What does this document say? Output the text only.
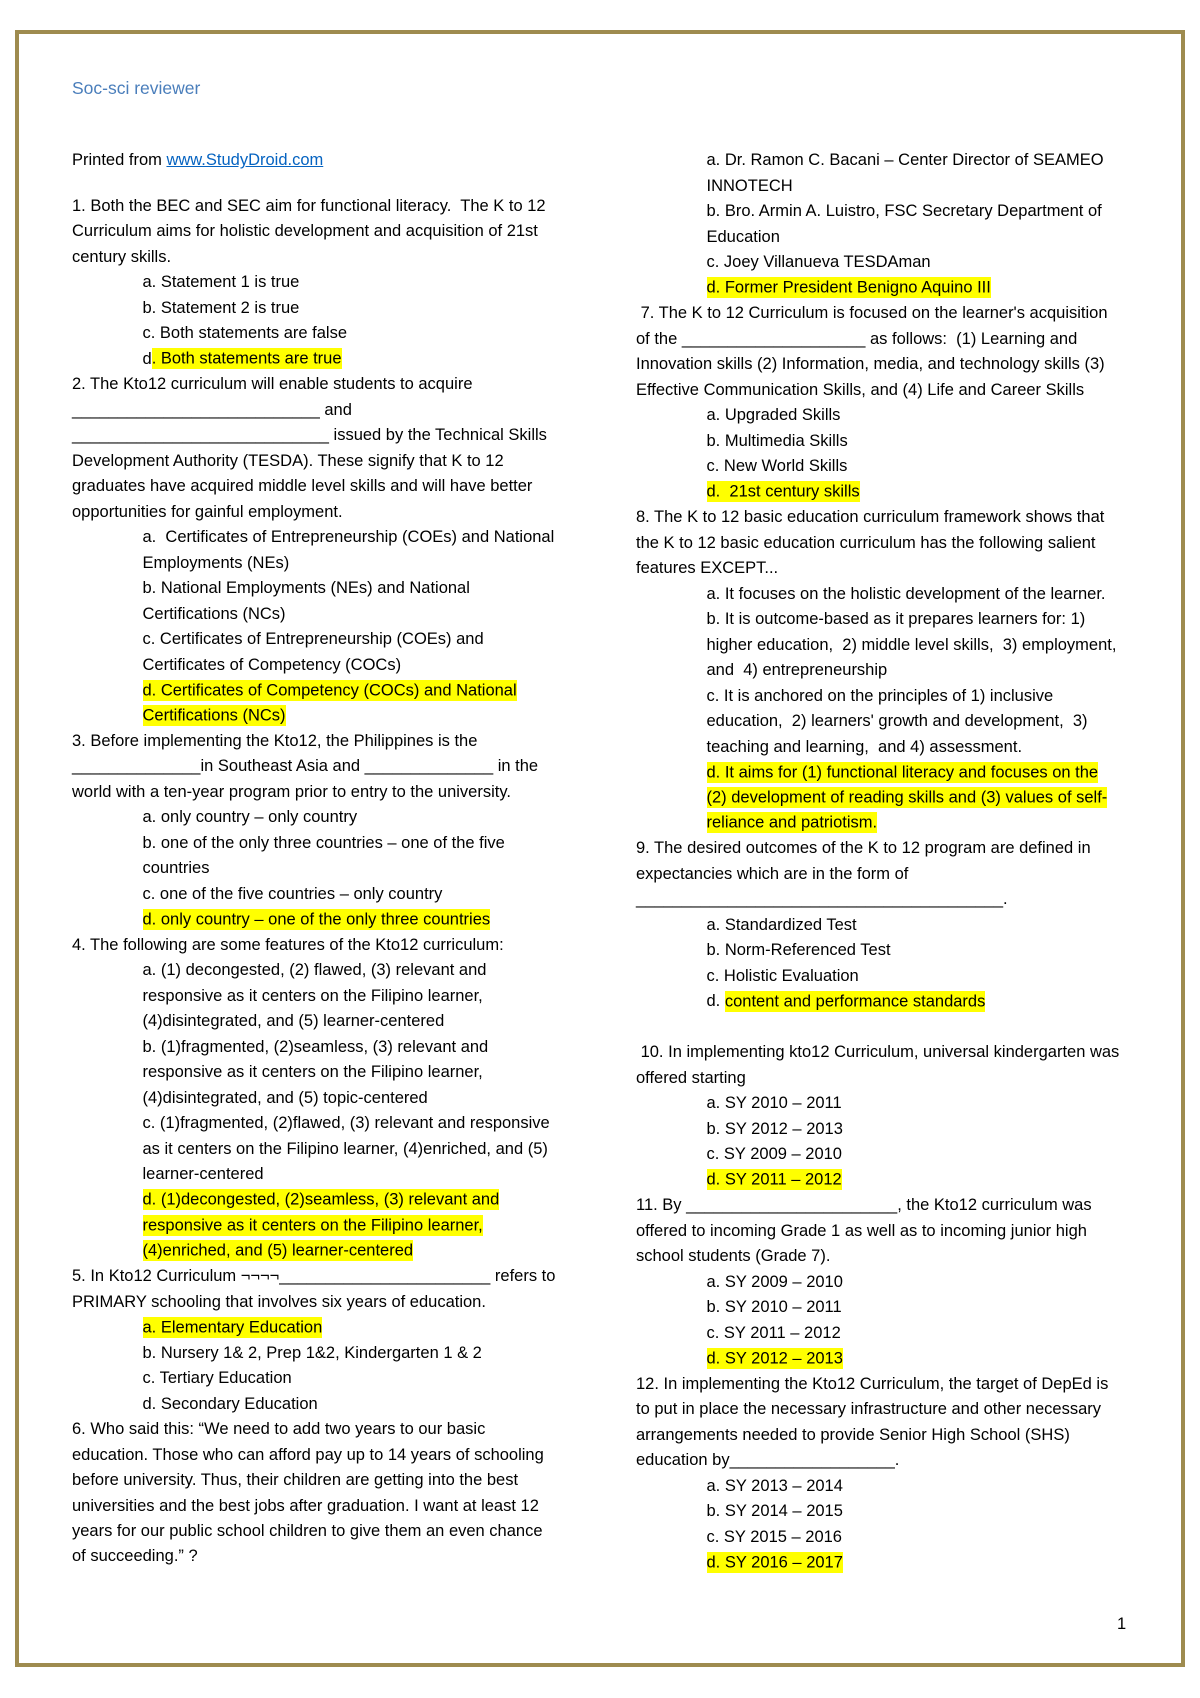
Soc-sci reviewer
Printed from www.StudyDroid.com
1. Both the BEC and SEC aim for functional literacy.  The K to 12
Curriculum aims for holistic development and acquisition of 21st
century skills.
a. Statement 1 is true
b. Statement 2 is true
c. Both statements are false
d. Both statements are true
2. The Kto12 curriculum will enable students to acquire
___________________________ and
____________________________ issued by the Technical Skills
Development Authority (TESDA). These signify that K to 12
graduates have acquired middle level skills and will have better
opportunities for gainful employment.
a.  Certificates of Entrepreneurship (COEs) and National
Employments (NEs)
b. National Employments (NEs) and National
Certifications (NCs)
c. Certificates of Entrepreneurship (COEs) and
Certificates of Competency (COCs)
d. Certificates of Competency (COCs) and National
Certifications (NCs)
3. Before implementing the Kto12, the Philippines is the
______________in Southeast Asia and ______________ in the
world with a ten-year program prior to entry to the university.
a. only country – only country
b. one of the only three countries – one of the five
countries
c. one of the five countries – only country
d. only country – one of the only three countries
4. The following are some features of the Kto12 curriculum:
a. (1) decongested, (2) flawed, (3) relevant and
responsive as it centers on the Filipino learner,
(4)disintegrated, and (5) learner-centered
b. (1)fragmented, (2)seamless, (3) relevant and
responsive as it centers on the Filipino learner,
(4)disintegrated, and (5) topic-centered
c. (1)fragmented, (2)flawed, (3) relevant and responsive
as it centers on the Filipino learner, (4)enriched, and (5)
learner-centered
d. (1)decongested, (2)seamless, (3) relevant and
responsive as it centers on the Filipino learner,
(4)enriched, and (5) learner-centered
5. In Kto12 Curriculum ¬¬¬¬_______________________ refers to
PRIMARY schooling that involves six years of education.
a. Elementary Education
b. Nursery 1& 2, Prep 1&2, Kindergarten 1 & 2
c. Tertiary Education
d. Secondary Education
6. Who said this: “We need to add two years to our basic
education. Those who can afford pay up to 14 years of schooling
before university. Thus, their children are getting into the best
universities and the best jobs after graduation. I want at least 12
years for our public school children to give them an even chance
of succeeding.” ?
a. Dr. Ramon C. Bacani – Center Director of SEAMEO
INNOTECH
b. Bro. Armin A. Luistro, FSC Secretary Department of
Education
c. Joey Villanueva TESDAman
d. Former President Benigno Aquino III
7. The K to 12 Curriculum is focused on the learner's acquisition
of the ____________________ as follows:  (1) Learning and
Innovation skills (2) Information, media, and technology skills (3)
Effective Communication Skills, and (4) Life and Career Skills
a. Upgraded Skills
b. Multimedia Skills
c. New World Skills
d.  21st century skills
8. The K to 12 basic education curriculum framework shows that
the K to 12 basic education curriculum has the following salient
features EXCEPT...
a. It focuses on the holistic development of the learner.
b. It is outcome-based as it prepares learners for: 1)
higher education,  2) middle level skills,  3) employment,
and  4) entrepreneurship
c. It is anchored on the principles of 1) inclusive
education,  2) learners' growth and development,  3)
teaching and learning,  and 4) assessment.
d. It aims for (1) functional literacy and focuses on the
(2) development of reading skills and (3) values of self-
reliance and patriotism.
9. The desired outcomes of the K to 12 program are defined in
expectancies which are in the form of
________________________________________.
a. Standardized Test
b. Norm-Referenced Test
c. Holistic Evaluation
d. content and performance standards
10. In implementing kto12 Curriculum, universal kindergarten was
offered starting
a. SY 2010 – 2011
b. SY 2012 – 2013
c. SY 2009 – 2010
d. SY 2011 – 2012
11. By _______________________, the Kto12 curriculum was
offered to incoming Grade 1 as well as to incoming junior high
school students (Grade 7).
a. SY 2009 – 2010
b. SY 2010 – 2011
c. SY 2011 – 2012
d. SY 2012 – 2013
12. In implementing the Kto12 Curriculum, the target of DepEd is
to put in place the necessary infrastructure and other necessary
arrangements needed to provide Senior High School (SHS)
education by__________________.
a. SY 2013 – 2014
b. SY 2014 – 2015
c. SY 2015 – 2016
d. SY 2016 – 2017
1
